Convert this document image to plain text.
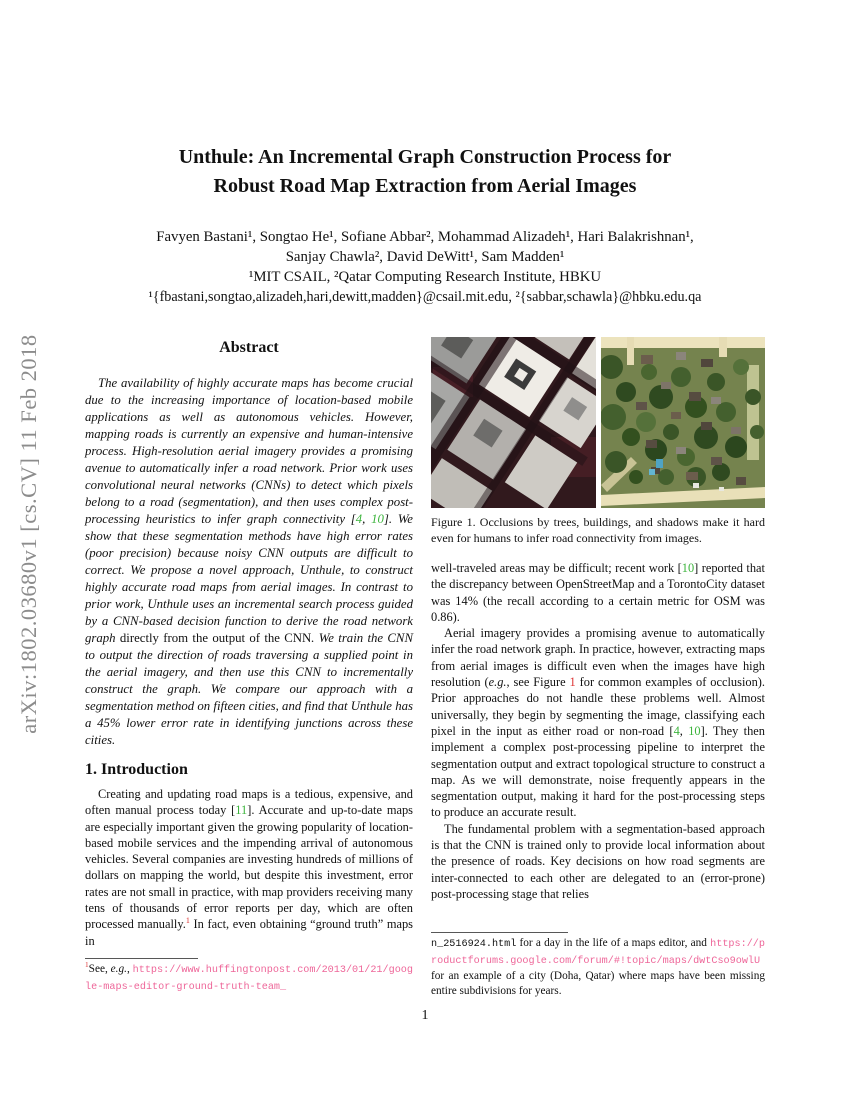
arXiv:1802.03680v1 [cs.CV] 11 Feb 2018
Unthule: An Incremental Graph Construction Process for
Robust Road Map Extraction from Aerial Images
Favyen Bastani¹, Songtao He¹, Sofiane Abbar², Mohammad Alizadeh¹, Hari Balakrishnan¹,
Sanjay Chawla², David DeWitt¹, Sam Madden¹
¹MIT CSAIL, ²Qatar Computing Research Institute, HBKU
¹{fbastani,songtao,alizadeh,hari,dewitt,madden}@csail.mit.edu, ²{sabbar,schawla}@hbku.edu.qa
Abstract

The availability of highly accurate maps has become crucial due to the increasing importance of location-based mobile applications as well as autonomous vehicles. However, mapping roads is currently an expensive and human-intensive process. High-resolution aerial imagery provides a promising avenue to automatically infer a road network. Prior work uses convolutional neural networks (CNNs) to detect which pixels belong to a road (segmentation), and then uses complex post-processing heuristics to infer graph connectivity [4, 10]. We show that these segmentation methods have high error rates (poor precision) because noisy CNN outputs are difficult to correct. We propose a novel approach, Unthule, to construct highly accurate road maps from aerial images. In contrast to prior work, Unthule uses an incremental search process guided by a CNN-based decision function to derive the road network graph directly from the output of the CNN. We train the CNN to output the direction of roads traversing a supplied point in the aerial imagery, and then use this CNN to incrementally construct the graph. We compare our approach with a segmentation method on fifteen cities, and find that Unthule has a 45% lower error rate in identifying junctions across these cities.

1. Introduction

Creating and updating road maps is a tedious, expensive, and often manual process today [11]. Accurate and up-to-date maps are especially important given the growing popularity of location-based mobile services and the impending arrival of autonomous vehicles. Several companies are investing hundreds of millions of dollars on mapping the world, but despite this investment, error rates are not small in practice, with map providers receiving many tens of thousands of error reports per day, which are often processed manually.$^1$ In fact, even obtaining “ground truth” maps in

Figure 1. Occlusions by trees, buildings, and shadows make it hard even for humans to infer road connectivity from images.

well-traveled areas may be difficult; recent work [10] reported that the discrepancy between OpenStreetMap and a TorontoCity dataset was 14% (the recall according to a certain metric for OSM was 0.86).

Aerial imagery provides a promising avenue to automatically infer the road network graph. In practice, however, extracting maps from aerial images is difficult even when the images have high resolution (e.g., see Figure 1 for common examples of occlusion). Prior approaches do not handle these problems well. Almost universally, they begin by segmenting the image, classifying each pixel in the input as either road or non-road [4, 10]. They then implement a complex post-processing pipeline to interpret the segmentation output and extract topological structure to construct a map. As we will demonstrate, noise frequently appears in the segmentation output, making it hard for the post-processing steps to produce an accurate result.

The fundamental problem with a segmentation-based approach is that the CNN is trained only to provide local information about the presence of roads. Key decisions on how road segments are inter-connected to each other are delegated to an (error-prone) post-processing stage that relies

$^1$See, e.g., https://www.huffingtonpost.com/2013/01/21/google-maps-editor-ground-truth-team_

n_2516924.html for a day in the life of a maps editor, and https://productforums.google.com/forum/#!topic/maps/dwtCso9owlU for an example of a city (Doha, Qatar) where maps have been missing entire subdivisions for years.

1
